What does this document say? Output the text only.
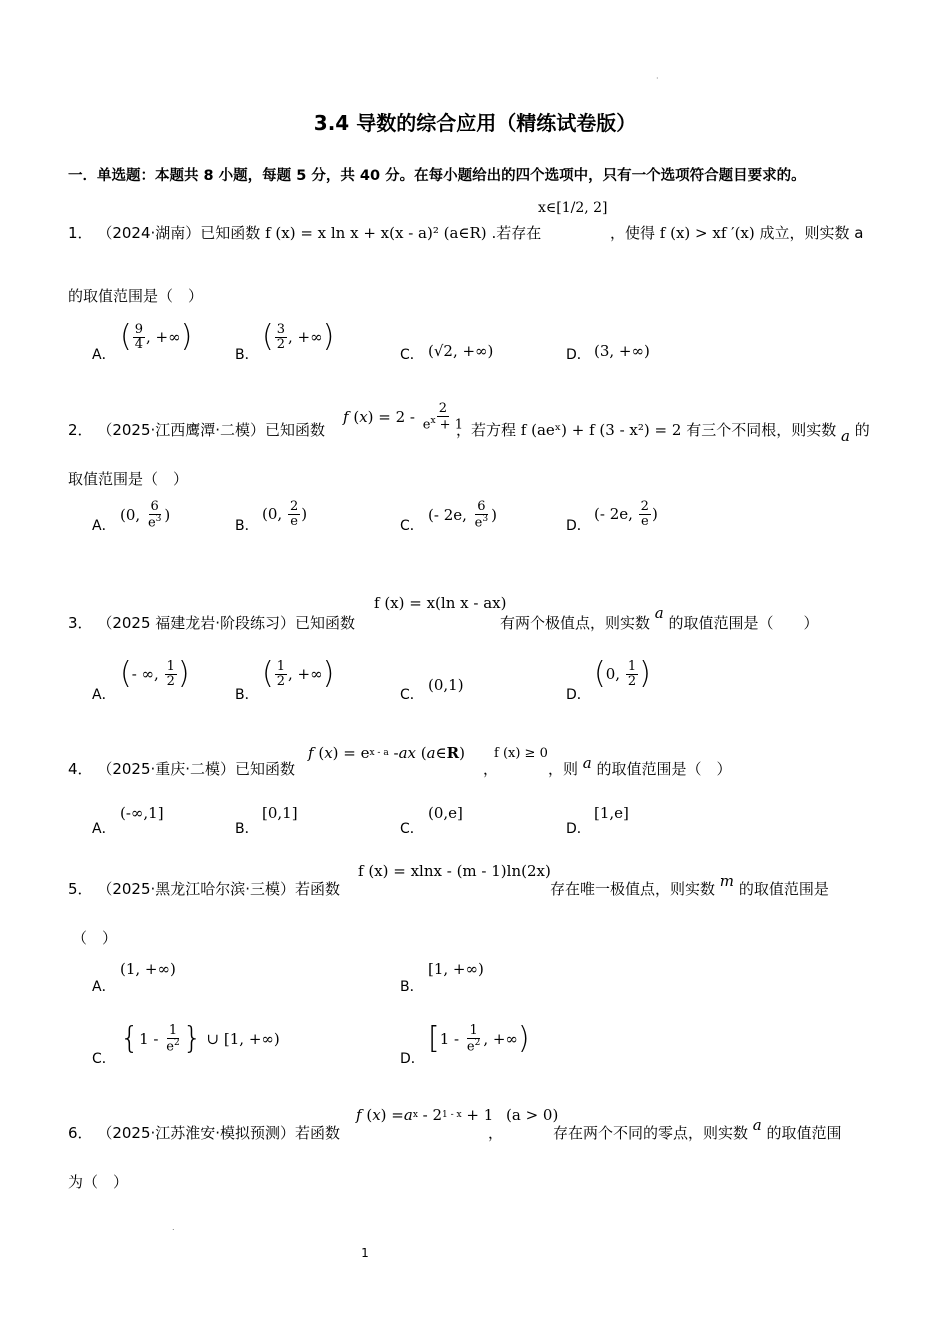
·
3.4 导数的综合应用（精练试卷版）
一．单选题：本题共 8 小题，每题 5 分，共 40 分。在每小题给出的四个选项中，只有一个选项符合题目要求的。
1． （2024·湖南）已知函数 f (x) = x ln x + x(x - a)² (a∈R) .若存在
x∈[1/2, 2]
，使得 f (x) > xf ′(x) 成立，则实数 a
的取值范围是（　）
A．
( $\frac{9}{4}$ , +∞ )
B．
( $\frac{3}{2}$ , +∞ )
C． (√2, +∞)	D． (3, +∞)
2． （2025·江西鹰潭·二模）已知函数
f ( x ) = $2 - \frac{2}{e^x + 1}$
，若方程 f (aeˣ) + f (3 - x²) = 2 有三个不同根，则实数 a 的
取值范围是（　）
A．
(0, $\frac{6}{e^3}$ )
B．
(0, $\frac{2}{e}$ )
C．
(- 2e, $\frac{6}{e^3}$ )
D．
(- 2e, $\frac{2}{e}$ )
3． （2025 福建龙岩·阶段练习）已知函数
f (x) = x(ln x - ax)
有两个极值点，则实数 a 的取值范围是（　　）
A．
( - ∞, $\frac{1}{2}$ )
B．
( $\frac{1}{2}$ , +∞ )
C．
(0,1)
D．
( 0, $\frac{1}{2}$ )
4． （2025·重庆·二模）已知函数
f ( x ) = e x - a - ax ( a ∈ R )
，
f (x) ≥ 0
，则 a 的取值范围是（　）
A．
(-∞,1]
B．
[0,1]
C．
(0,e]
D．
[1,e]
5． （2025·黑龙江哈尔滨·三模）若函数
f (x) = xlnx - (m - 1)ln(2x)
存在唯一极值点，则实数 m 的取值范围是
（　）
A．
(1, +∞)
B．
[1, +∞)
C．
{ $1 - \frac{1}{e^2}$ } ∪ [1, +∞)
D．
[ $1 - \frac{1}{e^2}$ , +∞ )
6． （2025·江苏淮安·模拟预测）若函数
f ( x ) = a x - 2 1 - x + 1
，
(a > 0)
存在两个不同的零点，则实数 a 的取值范围
为（　）
.
1
